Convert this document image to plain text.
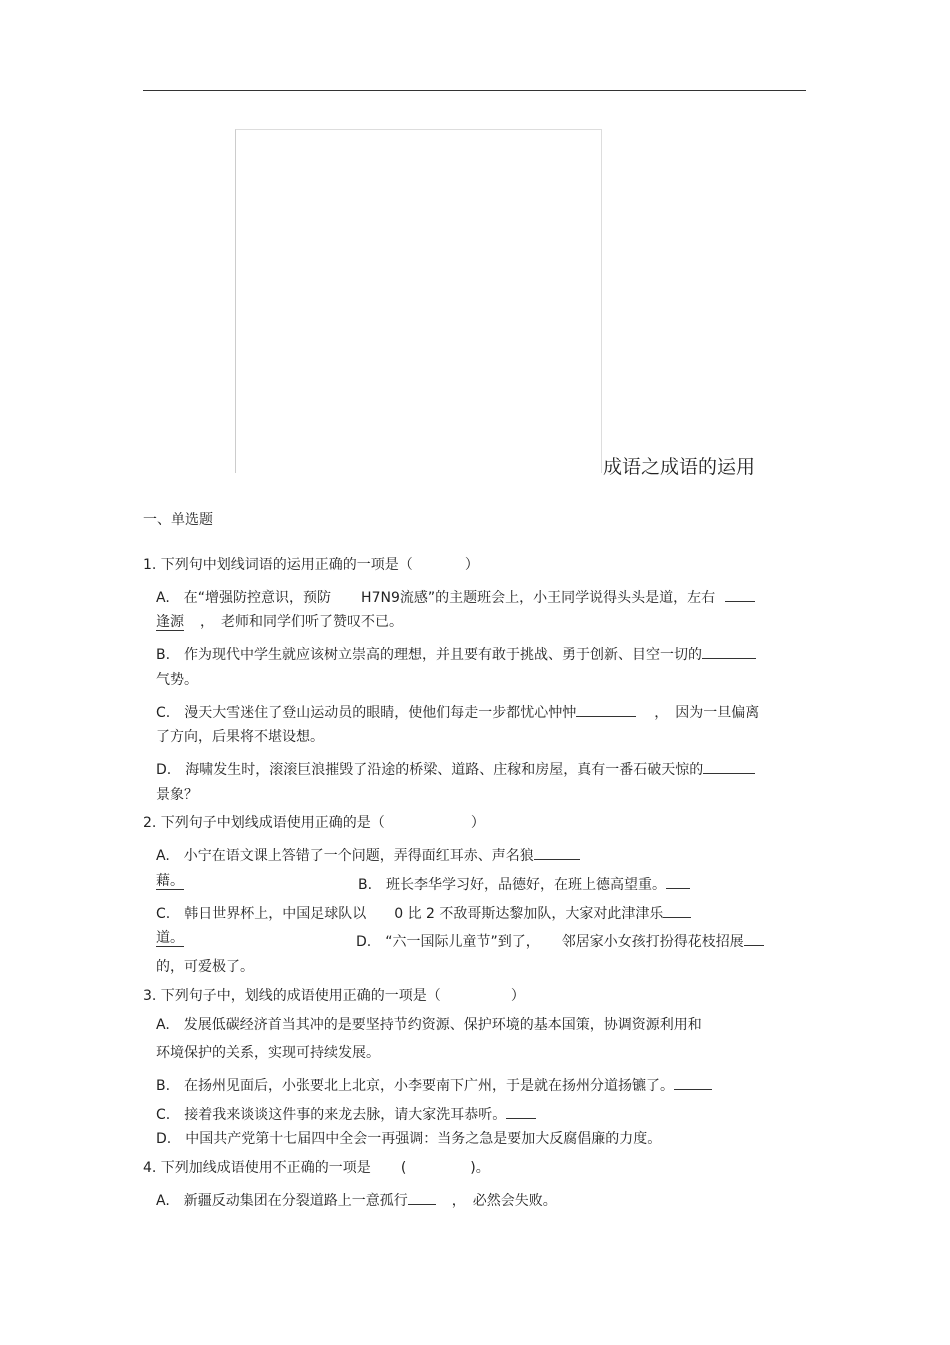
成语之成语的运用
一、单选题
1. 下列句中划线词语的运用正确的一项是（	）
A.　在“增强防控意识，预防 H7N9流感”的主题班会上，小王同学说得头头是道，左右
逢源 ，　老师和同学们听了赞叹不已。
B.　作为现代中学生就应该树立崇高的理想，并且要有敢于挑战、勇于创新、目空一切的
气势。
C.　漫天大雪迷住了登山运动员的眼睛，使他们每走一步都忧心忡忡	，　因为一旦偏离
了方向，后果将不堪设想。
D.　海啸发生时，滚滚巨浪摧毁了沿途的桥梁、道路、庄稼和房屋，真有一番石破天惊的
景象？
2. 下列句子中划线成语使用正确的是（	）
A.　小宁在语文课上答错了一个问题，弄得面红耳赤、声名狼
藉。	B.　班长李华学习好，品德好，在班上德高望重。
C.　韩日世界杯上，中国足球队以 0 比 2 不敌哥斯达黎加队，大家对此津津乐
道。	D.　“六一国际儿童节”到了， 邻居家小女孩打扮得花枝招展
的，可爱极了。
3. 下列句子中，划线的成语使用正确的一项是（	）
A.　发展低碳经济首当其冲的是要坚持节约资源、保护环境的基本国策，协调资源利用和
环境保护的关系，实现可持续发展。
B.　在扬州见面后，小张要北上北京，小李要南下广州，于是就在扬州分道扬镳了。
C.　接着我来谈谈这件事的来龙去脉，请大家洗耳恭听。
D.　中国共产党第十七届四中全会一再强调：当务之急是要加大反腐倡廉的力度。
4. 下列加线成语使用不正确的一项是 (	)。
A.　新疆反动集团在分裂道路上一意孤行	，　必然会失败。
